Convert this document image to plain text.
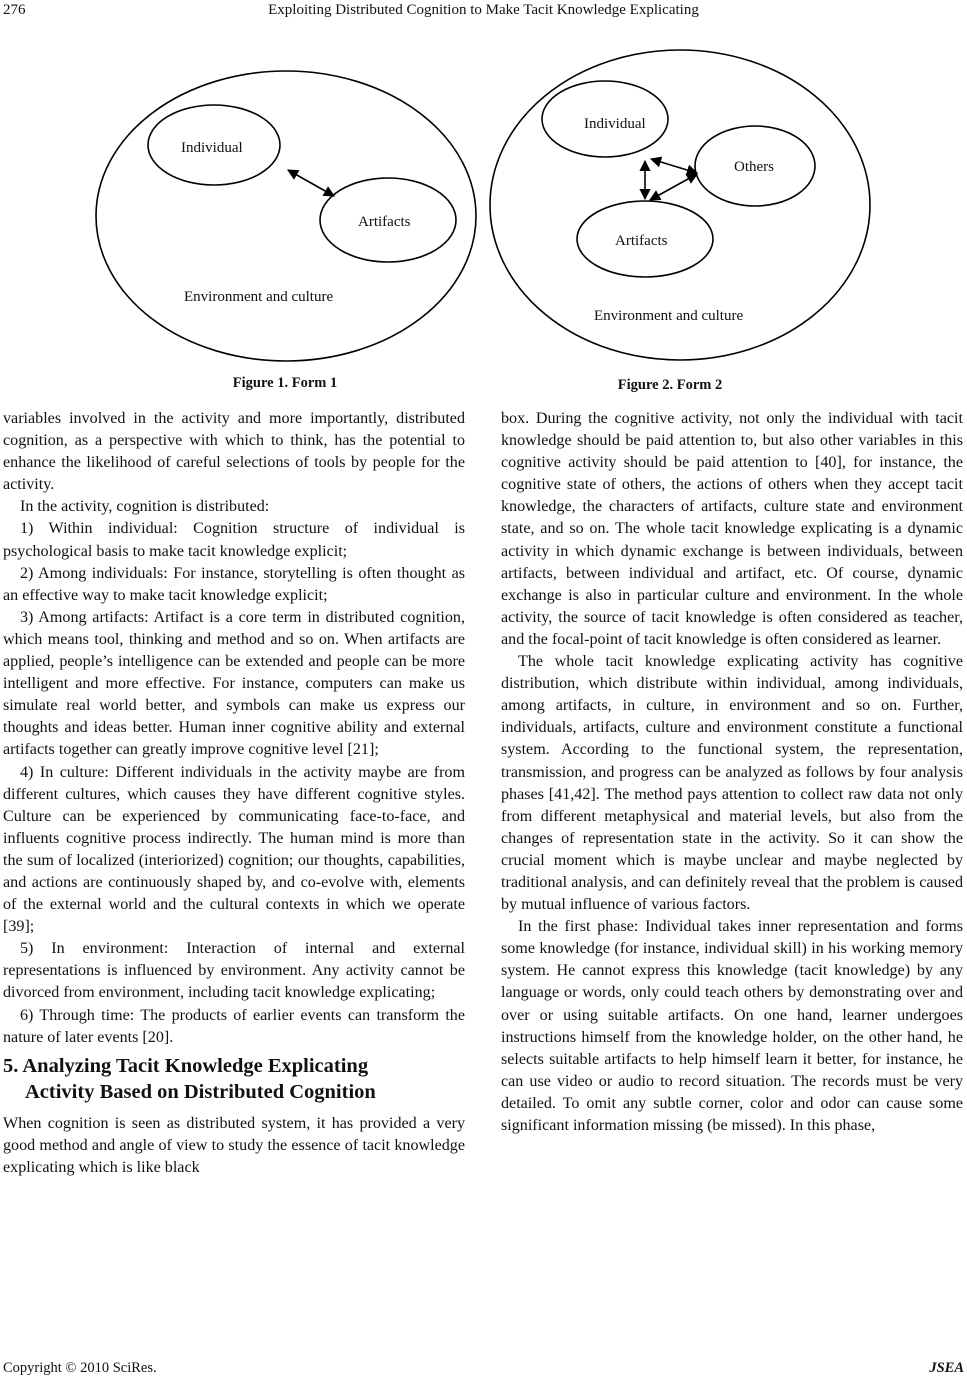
276	Exploiting Distributed Cognition to Make Tacit Knowledge Explicating
Individual
Artifacts
Environment and culture
Individual
Others
Artifacts
Environment and culture
Figure 1. Form 1	Figure 2. Form 2

variables involved in the activity and more importantly, distributed cognition, as a perspective with which to think, has the potential to enhance the likelihood of careful selections of tools by people for the activity.

In the activity, cognition is distributed:

1) Within individual: Cognition structure of individual is psychological basis to make tacit knowledge explicit;

2) Among individuals: For instance, storytelling is often thought as an effective way to make tacit knowledge explicit;

3) Among artifacts: Artifact is a core term in distributed cognition, which means tool, thinking and method and so on. When artifacts are applied, people’s intelligence can be extended and people can be more intelligent and more effective. For instance, computers can make us simulate real world better, and symbols can make us express our thoughts and ideas better. Human inner cognitive ability and external artifacts together can greatly improve cognitive level [21];

4) In culture: Different individuals in the activity maybe are from different cultures, which causes they have different cognitive styles. Culture can be experienced by communicating face-to-face, and influents cognitive process indirectly. The human mind is more than the sum of localized (interiorized) cognition; our thoughts, capabilities, and actions are continuously shaped by, and co-evolve with, elements of the external world and the cultural contexts in which we operate [39];

5) In environment: Interaction of internal and external representations is influenced by environment. Any activity cannot be divorced from environment, including tacit knowledge explicating;

6) Through time: The products of earlier events can transform the nature of later events [20].

5. Analyzing Tacit Knowledge Explicating
Activity Based on Distributed Cognition

When cognition is seen as distributed system, it has provided a very good method and angle of view to study the essence of tacit knowledge explicating which is like black

box. During the cognitive activity, not only the individual with tacit knowledge should be paid attention to, but also other variables in this cognitive activity should be paid attention to [40], for instance, the cognitive state of others, the actions of others when they accept tacit knowledge, the characters of artifacts, culture state and environment state, and so on. The whole tacit knowledge explicating is a dynamic activity in which dynamic exchange is between individuals, between artifacts, between individual and artifact, etc. Of course, dynamic exchange is also in particular culture and environment. In the whole activity, the source of tacit knowledge is often considered as teacher, and the focal-point of tacit knowledge is often considered as learner.

The whole tacit knowledge explicating activity has cognitive distribution, which distribute within individual, among individuals, among artifacts, in culture, in environment and so on. Further, individuals, artifacts, culture and environment constitute a functional system. According to the functional system, the representation, transmission, and progress can be analyzed as follows by four analysis phases [41,42]. The method pays attention to collect raw data not only from different metaphysical and material levels, but also from the changes of representation state in the activity. So it can show the crucial moment which is maybe unclear and maybe neglected by traditional analysis, and can definitely reveal that the problem is caused by mutual influence of various factors.

In the first phase: Individual takes inner representation and forms some knowledge (for instance, individual skill) in his working memory system. He cannot express this knowledge (tacit knowledge) by any language or words, only could teach others by demonstrating over and over or using suitable artifacts. On one hand, learner undergoes instructions himself from the knowledge holder, on the other hand, he selects suitable artifacts to help himself learn it better, for instance, he can use video or audio to record situation. The records must be very detailed. To omit any subtle corner, color and odor can cause some significant information missing (be missed). In this phase,

Copyright © 2010 SciRes.	JSEA
